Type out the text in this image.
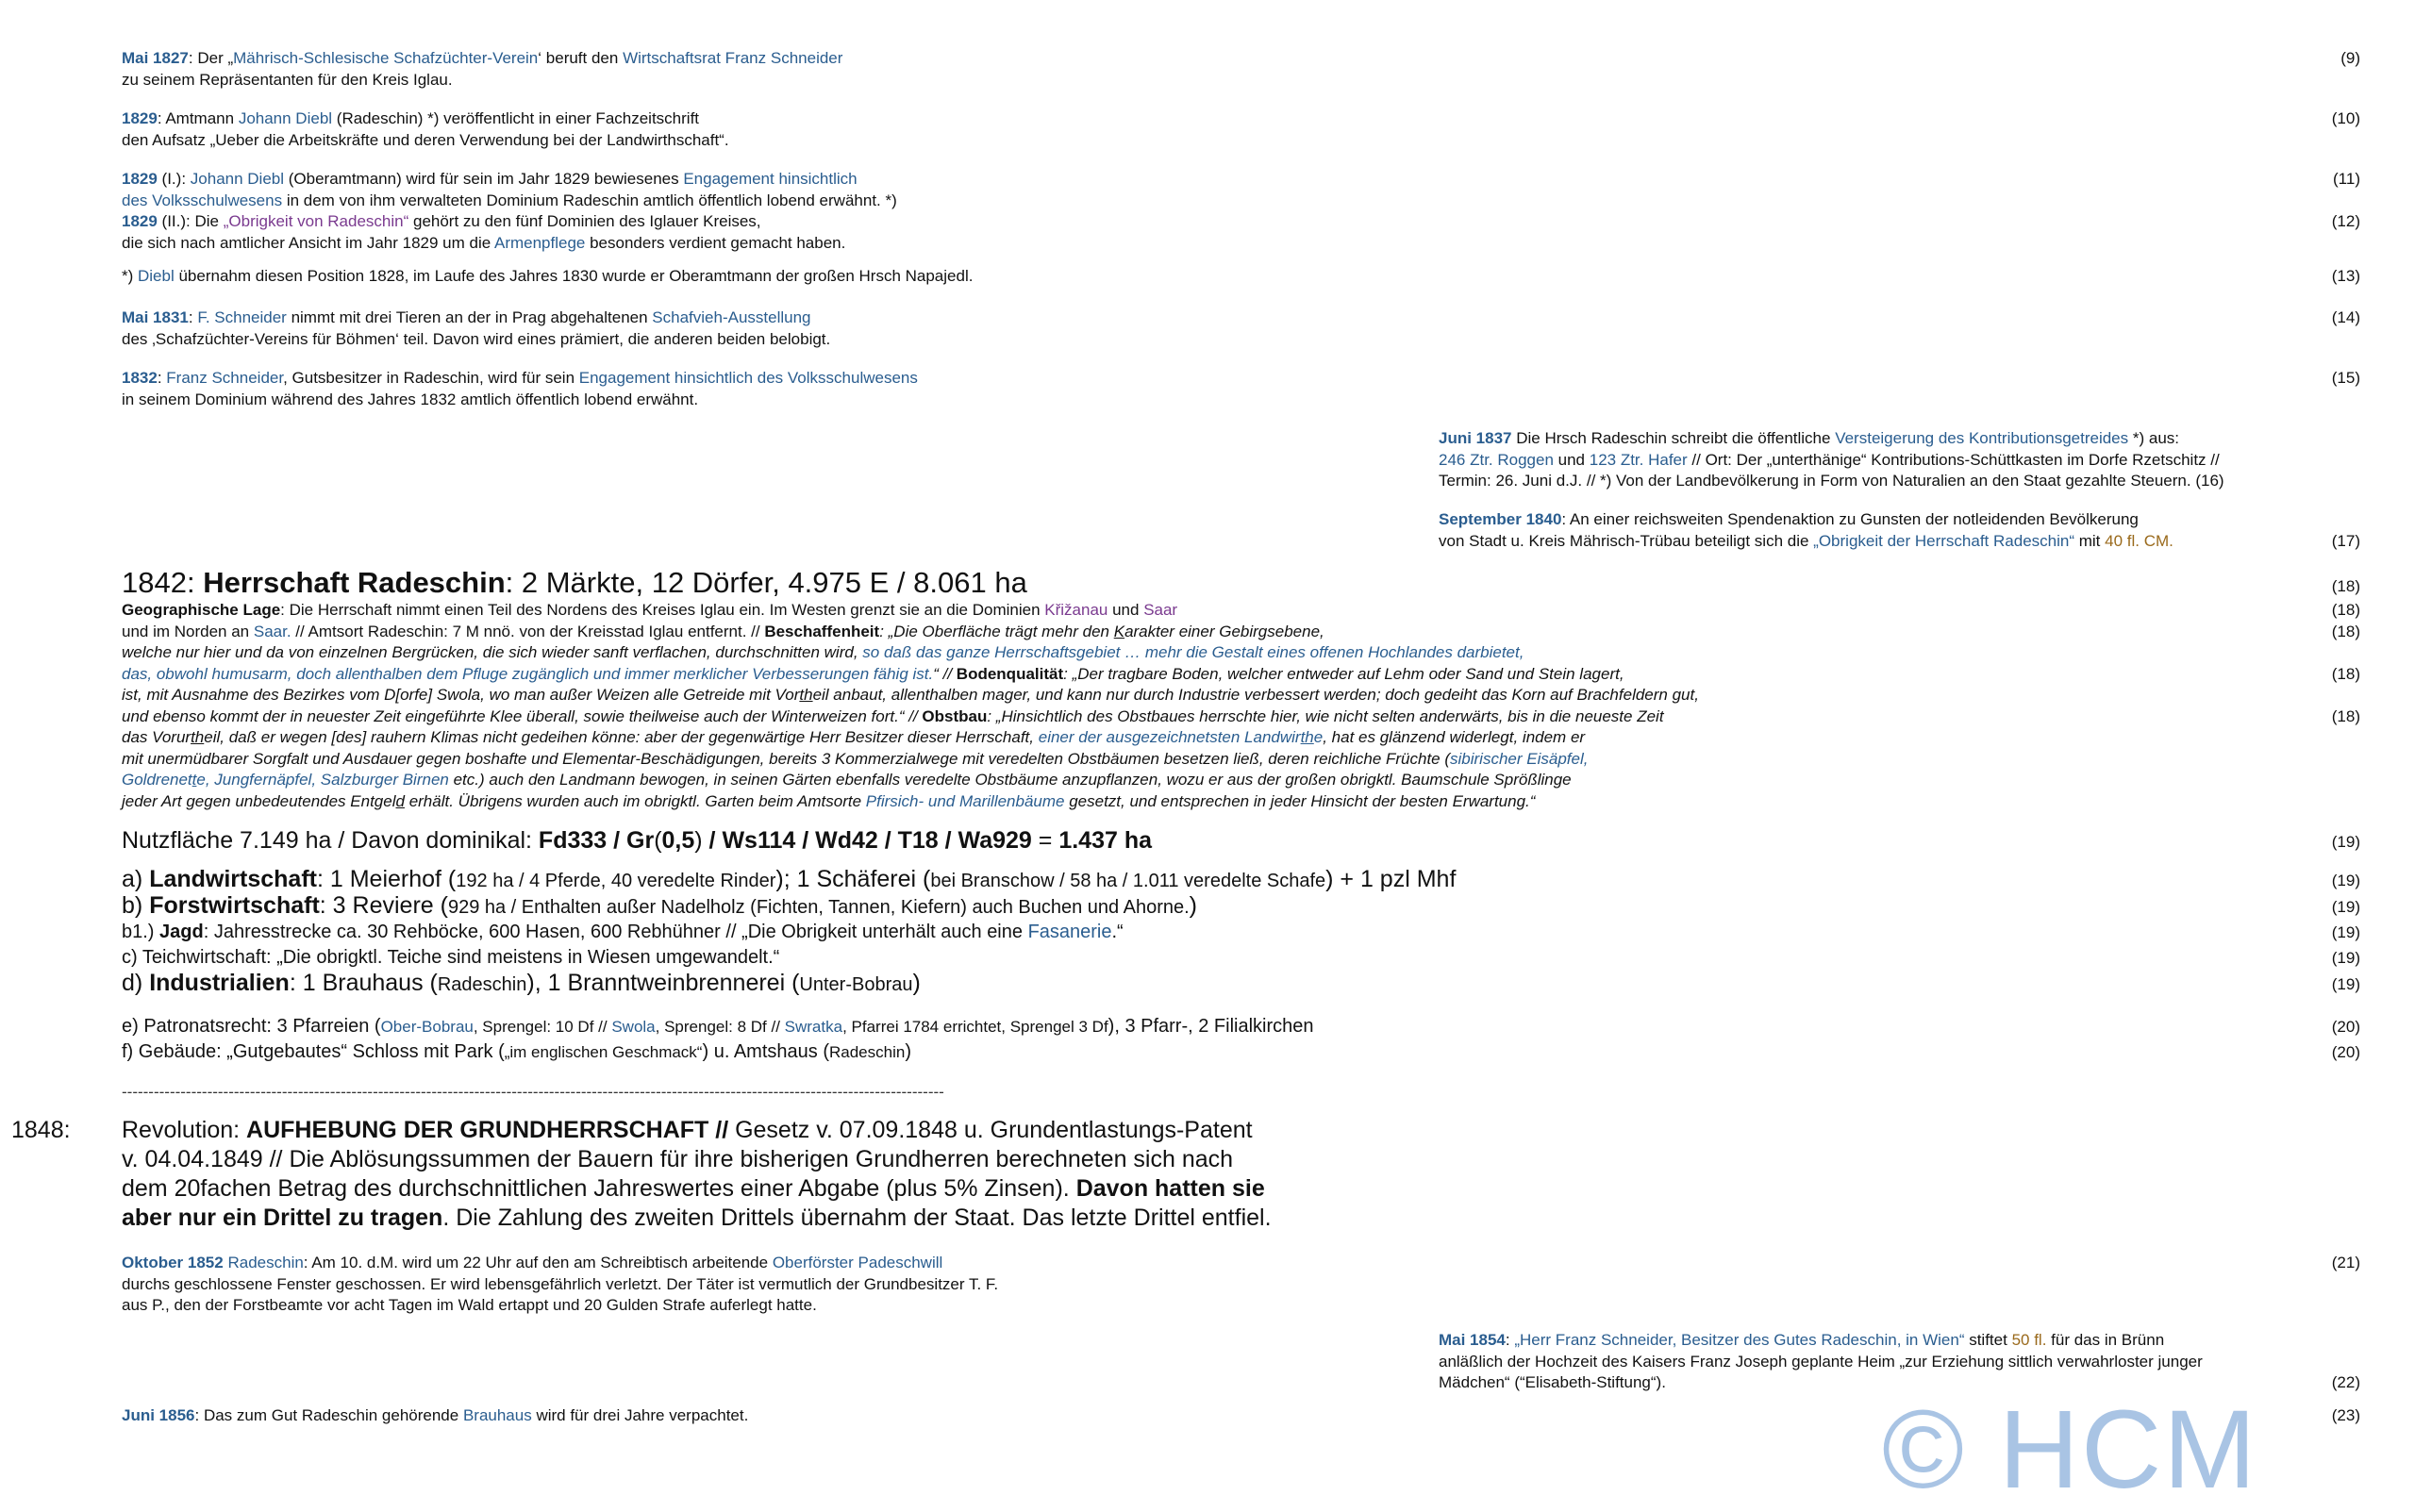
Mai 1827: Der „Mährisch-Schlesische Schafzüchter-Verein‘ beruft den Wirtschaftsrat Franz Schneider	(9)
zu seinem Repräsentanten für den Kreis Iglau.
1829: Amtmann Johann Diebl (Radeschin) *) veröffentlicht in einer Fachzeitschrift	(10)
den Aufsatz „Ueber die Arbeitskräfte und deren Verwendung bei der Landwirthschaft“.
1829 (I.): Johann Diebl (Oberamtmann) wird für sein im Jahr 1829 bewiesenes Engagement hinsichtlich	(11)
des Volksschulwesens in dem von ihm verwalteten Dominium Radeschin amtlich öffentlich lobend erwähnt. *)
1829 (II.): Die „Obrigkeit von Radeschin“ gehört zu den fünf Dominien des Iglauer Kreises,	(12)
die sich nach amtlicher Ansicht im Jahr 1829 um die Armenpflege besonders verdient gemacht haben.
*) Diebl übernahm diesen Position 1828, im Laufe des Jahres 1830 wurde er Oberamtmann der großen Hrsch Napajedl.	(13)
Mai 1831: F. Schneider nimmt mit drei Tieren an der in Prag abgehaltenen Schafvieh-Ausstellung	(14)
des ‚Schafzüchter-Vereins für Böhmen‘ teil. Davon wird eines prämiert, die anderen beiden belobigt.
1832: Franz Schneider, Gutsbesitzer in Radeschin, wird für sein Engagement hinsichtlich des Volksschulwesens	(15)
in seinem Dominium während des Jahres 1832 amtlich öffentlich lobend erwähnt.
Juni 1837 Die Hrsch Radeschin schreibt die öffentliche Versteigerung des Kontributionsgetreides *) aus:
246 Ztr. Roggen und 123 Ztr. Hafer // Ort: Der „unterthänige“ Kontributions-Schüttkasten im Dorfe Rzetschitz //
Termin: 26. Juni d.J. // *) Von der Landbevölkerung in Form von Naturalien an den Staat gezahlte Steuern. (16)
September 1840: An einer reichsweiten Spendenaktion zu Gunsten der notleidenden Bevölkerung
von Stadt u. Kreis Mährisch-Trübau beteiligt sich die „Obrigkeit der Herrschaft Radeschin“ mit 40 fl. CM.	(17)
1842: Herrschaft Radeschin: 2 Märkte, 12 Dörfer, 4.975 E / 8.061 ha	(18)
Geographische Lage: Die Herrschaft nimmt einen Teil des Nordens des Kreises Iglau ein. Im Westen grenzt sie an die Dominien Křižanau und Saar	(18)
und im Norden an Saar. // Amtsort Radeschin: 7 M nnö. von der Kreisstad Iglau entfernt. // Beschaffenheit: „Die Oberfläche trägt mehr den Karakter einer Gebirgsebene,	(18)
welche nur hier und da von einzelnen Bergrücken, die sich wieder sanft verflachen, durchschnitten wird, so daß das ganze Herrschaftsgebiet … mehr die Gestalt eines offenen Hochlandes darbietet,
das, obwohl humusarm, doch allenthalben dem Pfluge zugänglich und immer merklicher Verbesserungen fähig ist.“ // Bodenqualität: „Der tragbare Boden, welcher entweder auf Lehm oder Sand und Stein lagert,	(18)
ist, mit Ausnahme des Bezirkes vom D[orfe] Swola, wo man außer Weizen alle Getreide mit Vortheil anbaut, allenthalben mager, und kann nur durch Industrie verbessert werden; doch gedeiht das Korn auf Brachfeldern gut,
und ebenso kommt der in neuester Zeit eingeführte Klee überall, sowie theilweise auch der Winterweizen fort.“ // Obstbau: „Hinsichtlich des Obstbaues herrschte hier, wie nicht selten anderwärts, bis in die neueste Zeit	(18)
das Vorurtheil, daß er wegen [des] rauhern Klimas nicht gedeihen könne: aber der gegenwärtige Herr Besitzer dieser Herrschaft, einer der ausgezeichnetsten Landwirthe, hat es glänzend widerlegt, indem er
mit unermüdbarer Sorgfalt und Ausdauer gegen boshafte und Elementar-Beschädigungen, bereits 3 Kommerzialwege mit veredelten Obstbäumen besetzen ließ, deren reichliche Früchte (sibirischer Eisäpfel,
Goldrenette, Jungfernäpfel, Salzburger Birnen etc.) auch den Landmann bewogen, in seinen Gärten ebenfalls veredelte Obstbäume anzupflanzen, wozu er aus der großen obrigktl. Baumschule Sprößlinge
jeder Art gegen unbedeutendes Entgeld erhält. Übrigens wurden auch im obrigktl. Garten beim Amtsorte Pfirsich- und Marillenbäume gesetzt, und entsprechen in jeder Hinsicht der besten Erwartung.“
Nutzfläche 7.149 ha / Davon dominikal: Fd333 / Gr(0,5) / Ws114 / Wd42 / T18 / Wa929 = 1.437 ha	(19)
a) Landwirtschaft: 1 Meierhof (192 ha / 4 Pferde, 40 veredelte Rinder); 1 Schäferei (bei Branschow / 58 ha / 1.011 veredelte Schafe) + 1 pzl Mhf	(19)
b) Forstwirtschaft: 3 Reviere (929 ha / Enthalten außer Nadelholz (Fichten, Tannen, Kiefern) auch Buchen und Ahorne.)	(19)
b1.) Jagd: Jahresstrecke ca. 30 Rehböcke, 600 Hasen, 600 Rebhühner // „Die Obrigkeit unterhält auch eine Fasanerie.“	(19)
c) Teichwirtschaft: „Die obrigktl. Teiche sind meistens in Wiesen umgewandelt.“	(19)
d) Industrialien: 1 Brauhaus (Radeschin), 1 Branntweinbrennerei (Unter-Bobrau)	(19)
e) Patronatsrecht: 3 Pfarreien (Ober-Bobrau, Sprengel: 10 Df // Swola, Sprengel: 8 Df // Swratka, Pfarrei 1784 errichtet, Sprengel 3 Df), 3 Pfarr-, 2 Filialkirchen	(20)
f) Gebäude: „Gutgebautes“ Schloss mit Park („im englischen Geschmack“) u. Amtshaus (Radeschin)	(20)
----------------------------------------------------------------------------------------------------------------------------------------------------------
1848: Revolution: AUFHEBUNG DER GRUNDHERRSCHAFT // Gesetz v. 07.09.1848 u. Grundentlastungs-Patent
v. 04.04.1849 // Die Ablösungssummen der Bauern für ihre bisherigen Grundherren berechneten sich nach
dem 20fachen Betrag des durchschnittlichen Jahreswertes einer Abgabe (plus 5% Zinsen). Davon hatten sie
aber nur ein Drittel zu tragen. Die Zahlung des zweiten Drittels übernahm der Staat. Das letzte Drittel entfiel.
Oktober 1852 Radeschin: Am 10. d.M. wird um 22 Uhr auf den am Schreibtisch arbeitende Oberförster Padeschwill	(21)
durchs geschlossene Fenster geschossen. Er wird lebensgefährlich verletzt. Der Täter ist vermutlich der Grundbesitzer T. F.
aus P., den der Forstbeamte vor acht Tagen im Wald ertappt und 20 Gulden Strafe auferlegt hatte.
Mai 1854: „Herr Franz Schneider, Besitzer des Gutes Radeschin, in Wien“ stiftet 50 fl. für das in Brünn
anläßlich der Hochzeit des Kaisers Franz Joseph geplante Heim „zur Erziehung sittlich verwahrloster junger
Mädchen“ (“Elisabeth-Stiftung“).	(22)
Juni 1856: Das zum Gut Radeschin gehörende Brauhaus wird für drei Jahre verpachtet.	(23)
© HCM
